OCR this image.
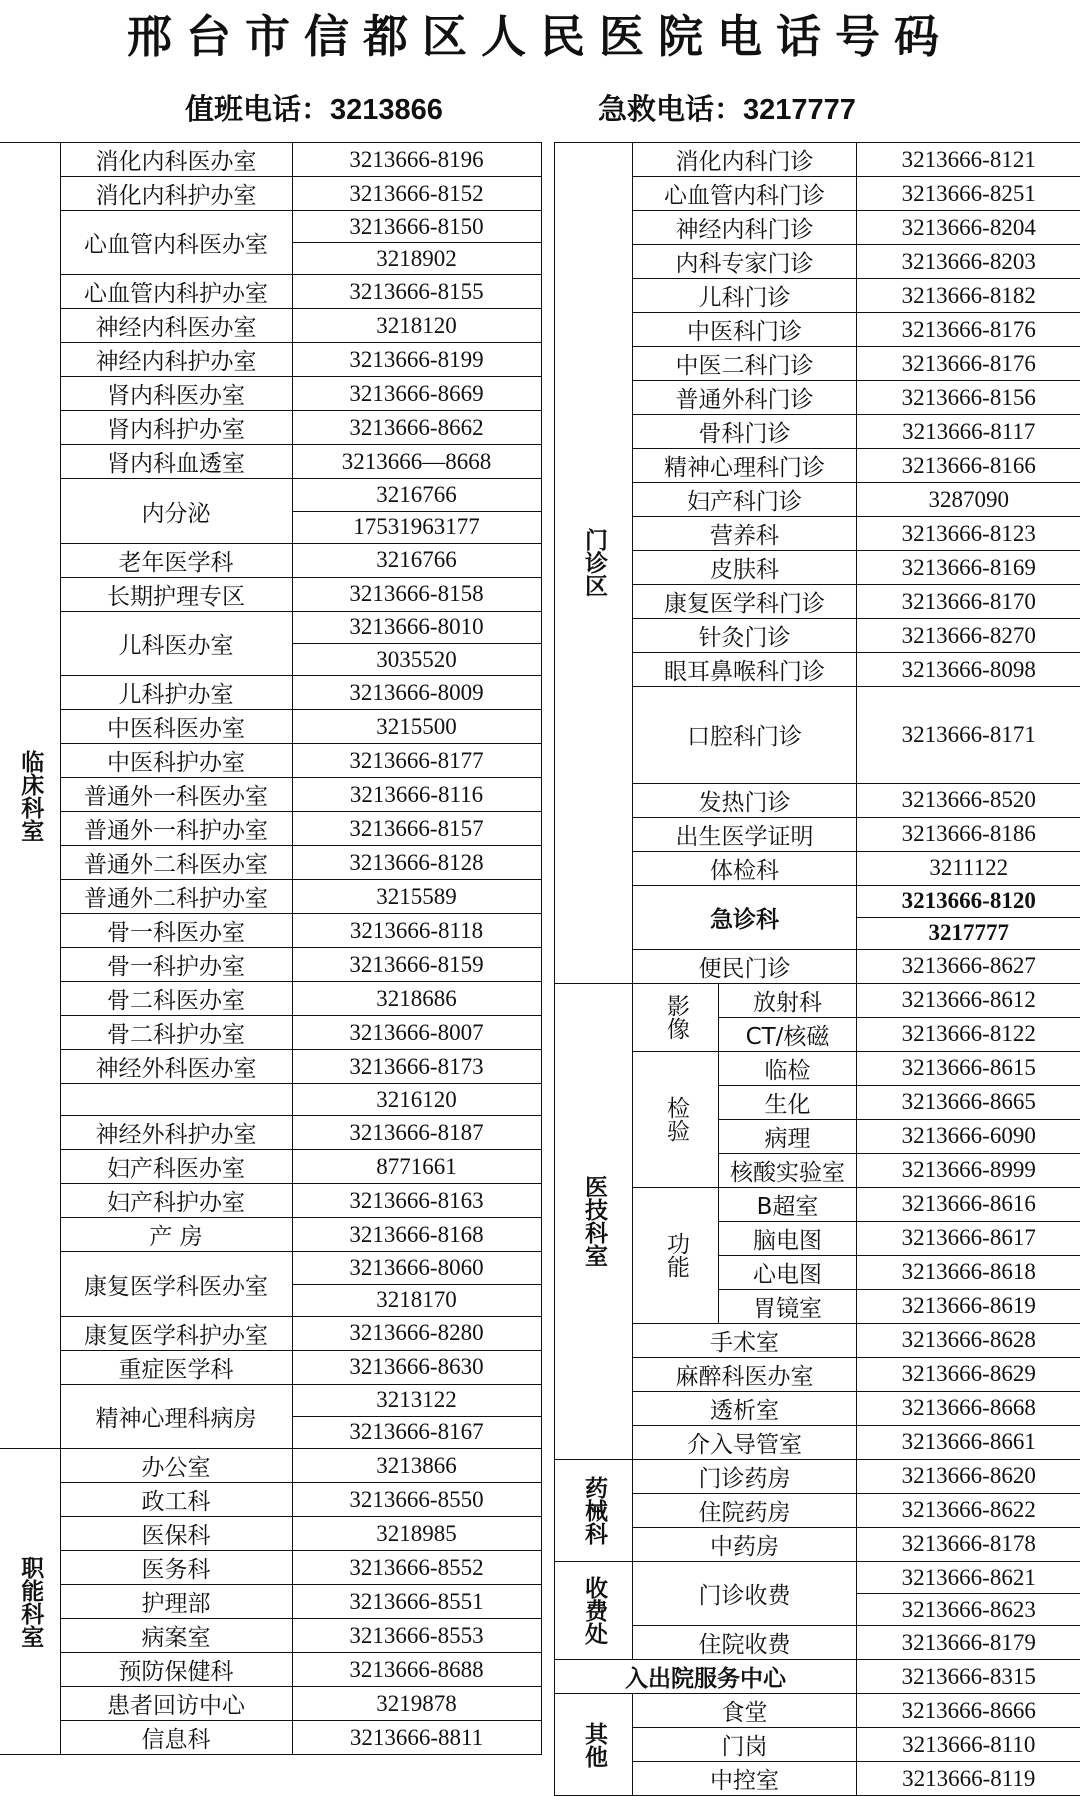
邢台市信都区人民医院电话号码
值班电话：3213866	急救电话：3217777
临床科室	消化内科医办室	3213666-8196
	消化内科护办室	3213666-8152
	心血管内科医办室	3213666-8150
		3218902
	心血管内科护办室	3213666-8155
	神经内科医办室	3218120
	神经内科护办室	3213666-8199
	肾内科医办室	3213666-8669
	肾内科护办室	3213666-8662
	肾内科血透室	3213666—8668
	内分泌	3216766
		17531963177
	老年医学科	3216766
	长期护理专区	3213666-8158
	儿科医办室	3213666-8010
		3035520
	儿科护办室	3213666-8009
	中医科医办室	3215500
	中医科护办室	3213666-8177
	普通外一科医办室	3213666-8116
	普通外一科护办室	3213666-8157
	普通外二科医办室	3213666-8128
	普通外二科护办室	3215589
	骨一科医办室	3213666-8118
	骨一科护办室	3213666-8159
	骨二科医办室	3218686
	骨二科护办室	3213666-8007
	神经外科医办室	3213666-8173
		3216120
	神经外科护办室	3213666-8187
	妇产科医办室	8771661
	妇产科护办室	3213666-8163
	产 房	3213666-8168
	康复医学科医办室	3213666-8060
		3218170
	康复医学科护办室	3213666-8280
	重症医学科	3213666-8630
	精神心理科病房	3213122
		3213666-8167

职能科室	办公室	3213866
	政工科	3213666-8550
	医保科	3218985
	医务科	3213666-8552
	护理部	3213666-8551
	病案室	3213666-8553
	预防保健科	3213666-8688
	患者回访中心	3219878
	信息科	3213666-8811
门诊区	消化内科门诊		3213666-8121
	心血管内科门诊		3213666-8251
	神经内科门诊		3213666-8204
	内科专家门诊		3213666-8203
	儿科门诊		3213666-8182
	中医科门诊		3213666-8176
	中医二科门诊		3213666-8176
	普通外科门诊		3213666-8156
	骨科门诊		3213666-8117
	精神心理科门诊		3213666-8166
	妇产科门诊		3287090
	营养科		3213666-8123
	皮肤科		3213666-8169
	康复医学科门诊		3213666-8170
	针灸门诊		3213666-8270
	眼耳鼻喉科门诊		3213666-8098
	口腔科门诊		3213666-8171

	发热门诊		3213666-8520
	出生医学证明		3213666-8186
	体检科		3211122
	急诊科		3213666-8120
			3217777
	便民门诊		3213666-8627

医技科室	影像	放射科	3213666-8612
		CT/核磁	3213666-8122

	检验	临检	3213666-8615
		生化	3213666-8665
		病理	3213666-6090
		核酸实验室	3213666-8999

	功能	B超室	3213666-8616
		脑电图	3213666-8617
		心电图	3213666-8618
		胃镜室	3213666-8619
	手术室		3213666-8628
	麻醉科医办室		3213666-8629
	透析室		3213666-8668
	介入导管室		3213666-8661

药械科	门诊药房		3213666-8620
	住院药房		3213666-8622
	中药房		3213666-8178

收费处	门诊收费		3213666-8621
			3213666-8623
	住院收费		3213666-8179
入出院服务中心			3213666-8315

其他	食堂		3213666-8666
	门岗		3213666-8110
	中控室		3213666-8119
